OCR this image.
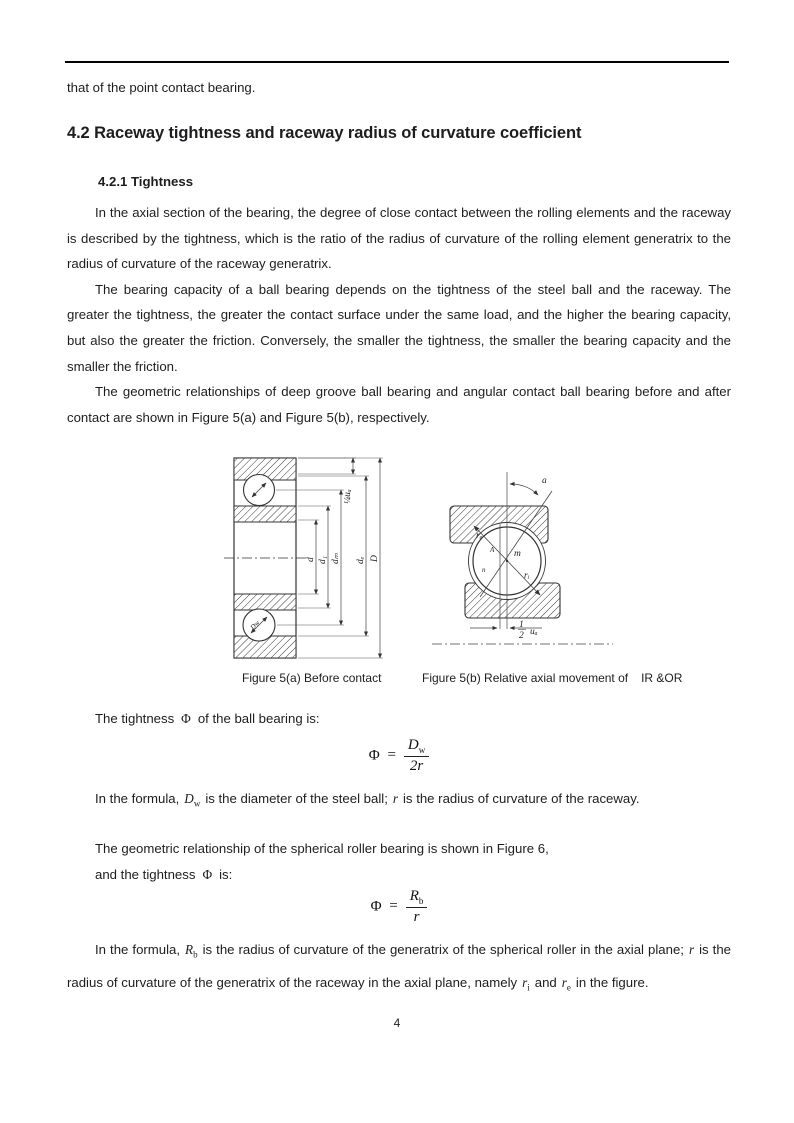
that of the point contact bearing.
4.2 Raceway tightness and raceway radius of curvature coefficient
4.2.1 Tightness

In the axial section of the bearing, the degree of close contact between the rolling elements and the raceway is described by the tightness, which is the ratio of the radius of curvature of the rolling element generatrix to the radius of curvature of the raceway generatrix.

The bearing capacity of a ball bearing depends on the tightness of the steel ball and the raceway. The greater the tightness, the greater the contact surface under the same load, and the higher the bearing capacity, but also the greater the friction. Conversely, the smaller the tightness, the smaller the bearing capacity and the smaller the friction.

The geometric relationships of deep groove ball bearing and angular contact ball bearing before and after contact are shown in Figure 5(a) and Figure 5(b), respectively.

Dw
d d₁ dₘ
¼uₐ
dₑ D
a
rₑ
A m
n
rᵢ
1
2 uₐ
Figure 5(a) Before contact	Figure 5(b) Relative axial movement of IR &OR
The tightness Φ of the ball bearing is:
$\Phi = \frac{D_w}{2r}$
In the formula, $D_w$ is the diameter of the steel ball; r is the radius of curvature of the raceway.
The geometric relationship of the spherical roller bearing is shown in Figure 6,
and the tightness Φ is:
$\Phi = \frac{R_b}{r}$
In the formula, $R_b$ is the radius of curvature of the generatrix of the spherical roller in the axial plane; r is the radius of curvature of the generatrix of the raceway in the axial plane, namely $r_i$ and $r_e$ in the figure.
4
